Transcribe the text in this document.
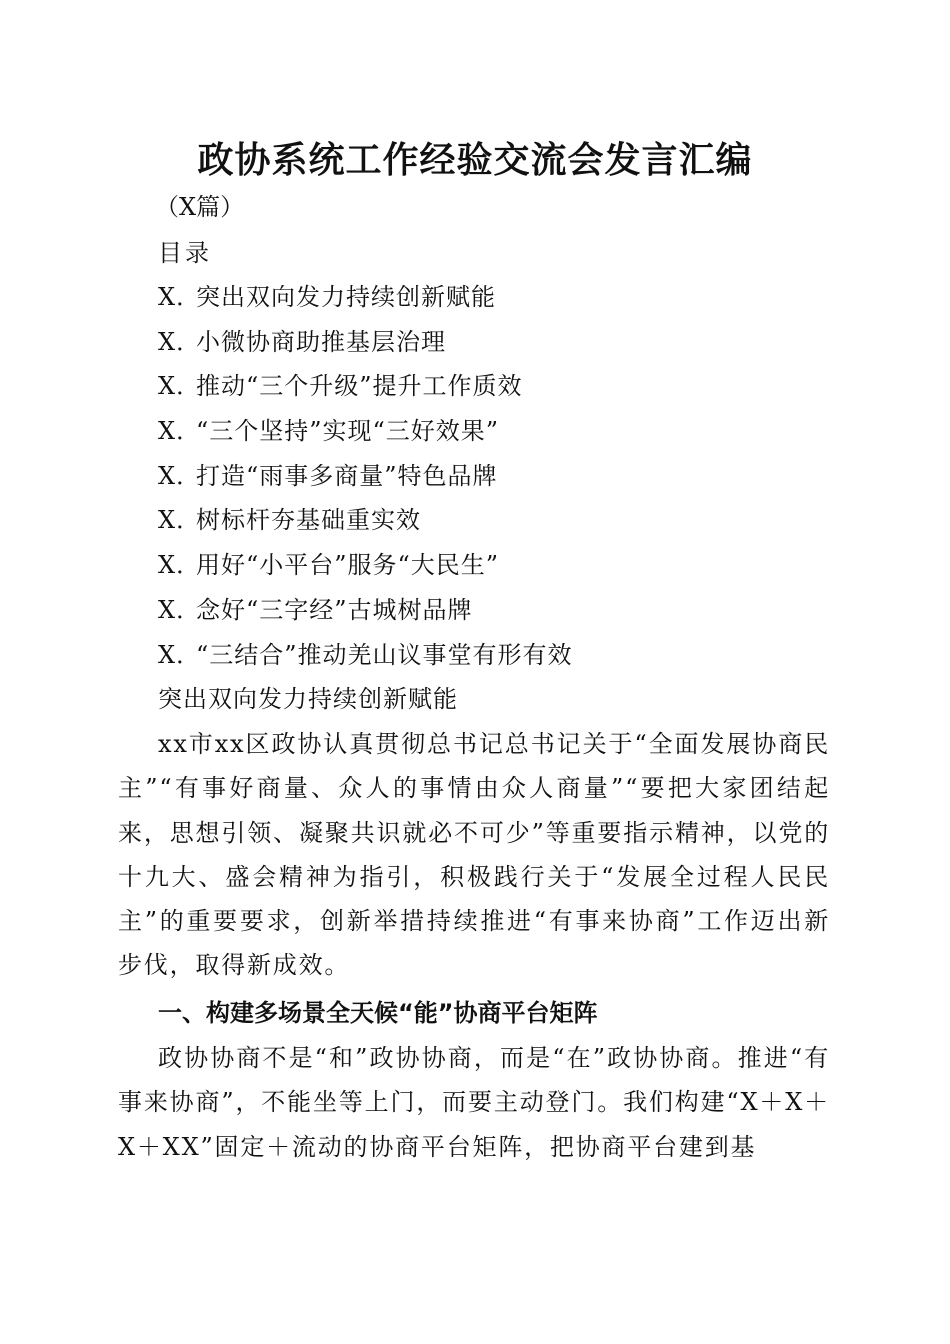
政协系统工作经验交流会发言汇编
（X篇）
目录
X．突出双向发力持续创新赋能
X．小微协商助推基层治理
X．推动“三个升级”提升工作质效
X．“三个坚持”实现“三好效果”
X．打造“雨事多商量”特色品牌
X．树标杆夯基础重实效
X．用好“小平台”服务“大民生”
X．念好“三字经”古城树品牌
X．“三结合”推动羌山议事堂有形有效
突出双向发力持续创新赋能

xx市xx区政协认真贯彻总书记总书记关于“全面发展协商民主”“有事好商量、众人的事情由众人商量”“要把大家团结起来，思想引领、凝聚共识就必不可少”等重要指示精神，以党的十九大、盛会精神为指引，积极践行关于“发展全过程人民民主”的重要要求，创新举措持续推进“有事来协商”工作迈出新步伐，取得新成效。

一、构建多场景全天候“能”协商平台矩阵

政协协商不是“和”政协协商，而是“在”政协协商。推进“有事来协商”，不能坐等上门，而要主动登门。我们构建“X＋X＋X＋XX”固定＋流动的协商平台矩阵，把协商平台建到基
